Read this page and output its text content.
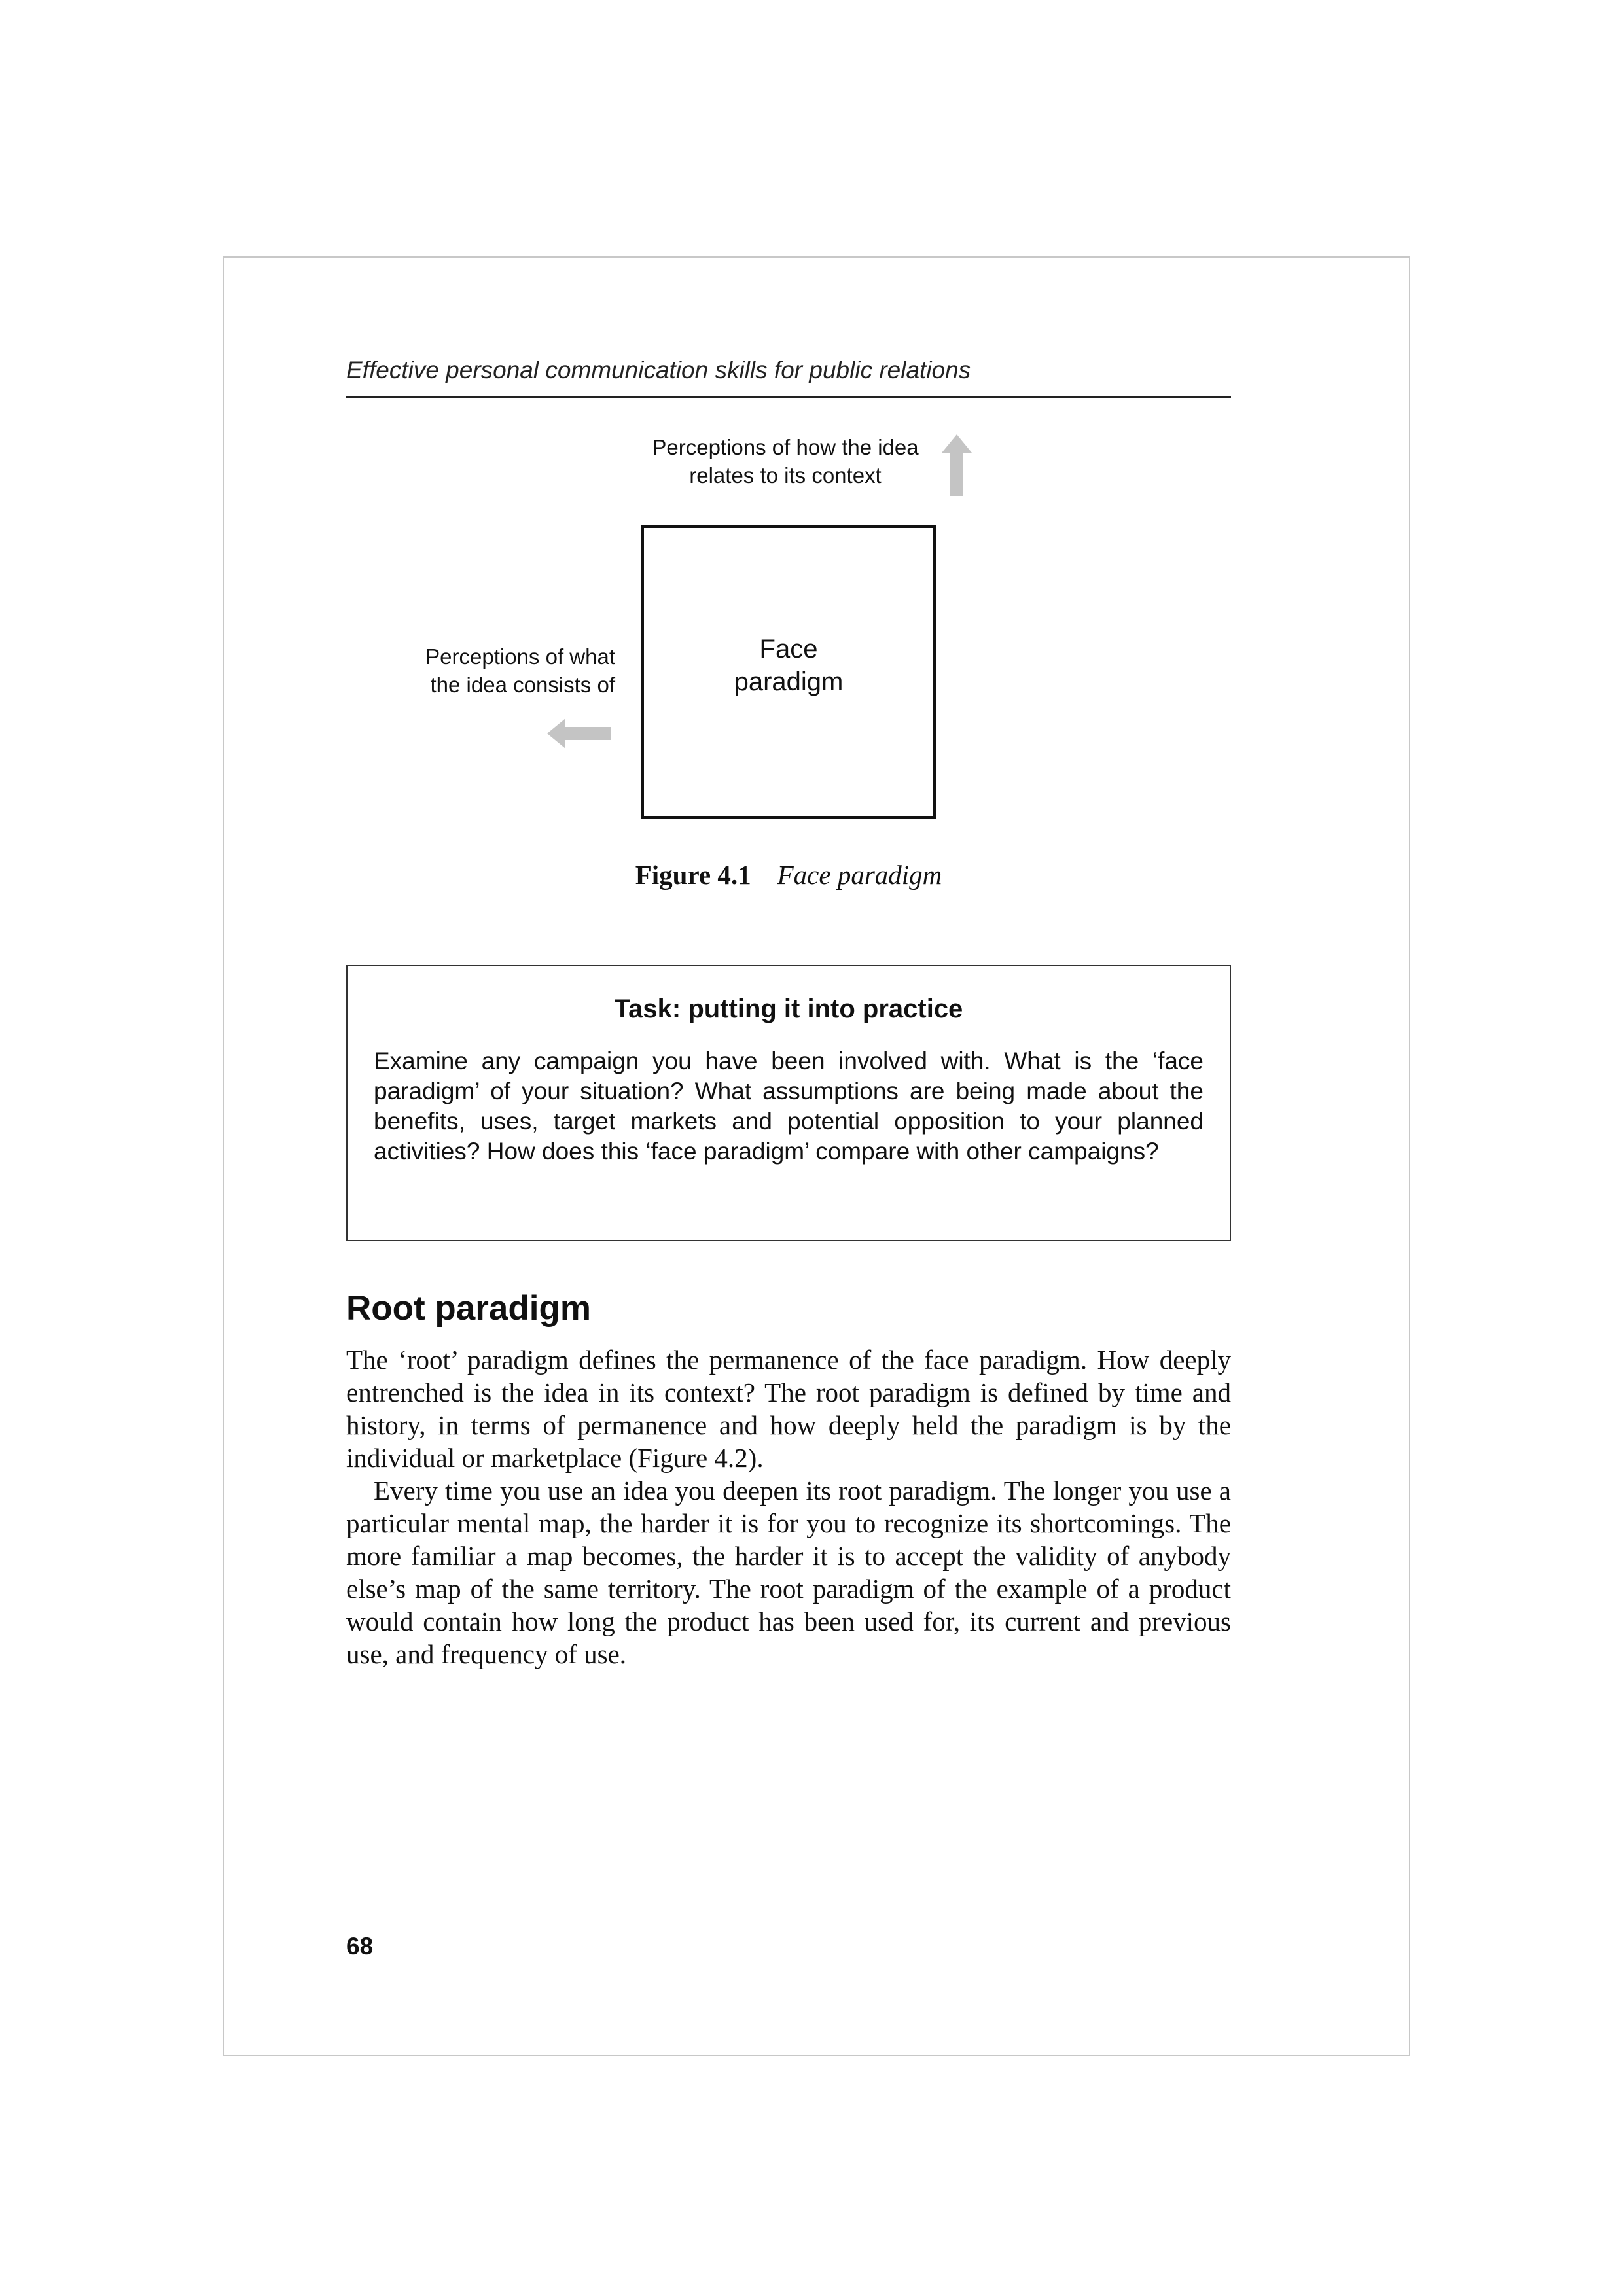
Effective personal communication skills for public relations
Perceptions of how the idea
relates to its context
Perceptions of what
the idea consists of
Face
paradigm
Figure 4.1 Face paradigm
Task: putting it into practice
Examine any campaign you have been involved with. What is the ‘face paradigm’ of your situation? What assumptions are being made about the benefits, uses, target markets and potential opposition to your planned activities? How does this ‘face paradigm’ compare with other campaigns?
Root paradigm

The ‘root’ paradigm defines the permanence of the face paradigm. How deeply entrenched is the idea in its context? The root paradigm is defined by time and history, in terms of permanence and how deeply held the paradigm is by the individual or marketplace (Figure 4.2).

Every time you use an idea you deepen its root paradigm. The longer you use a particular mental map, the harder it is for you to recognize its shortcomings. The more familiar a map becomes, the harder it is to accept the validity of anybody else’s map of the same territory. The root paradigm of the example of a product would contain how long the product has been used for, its current and previous use, and frequency of use.

68
